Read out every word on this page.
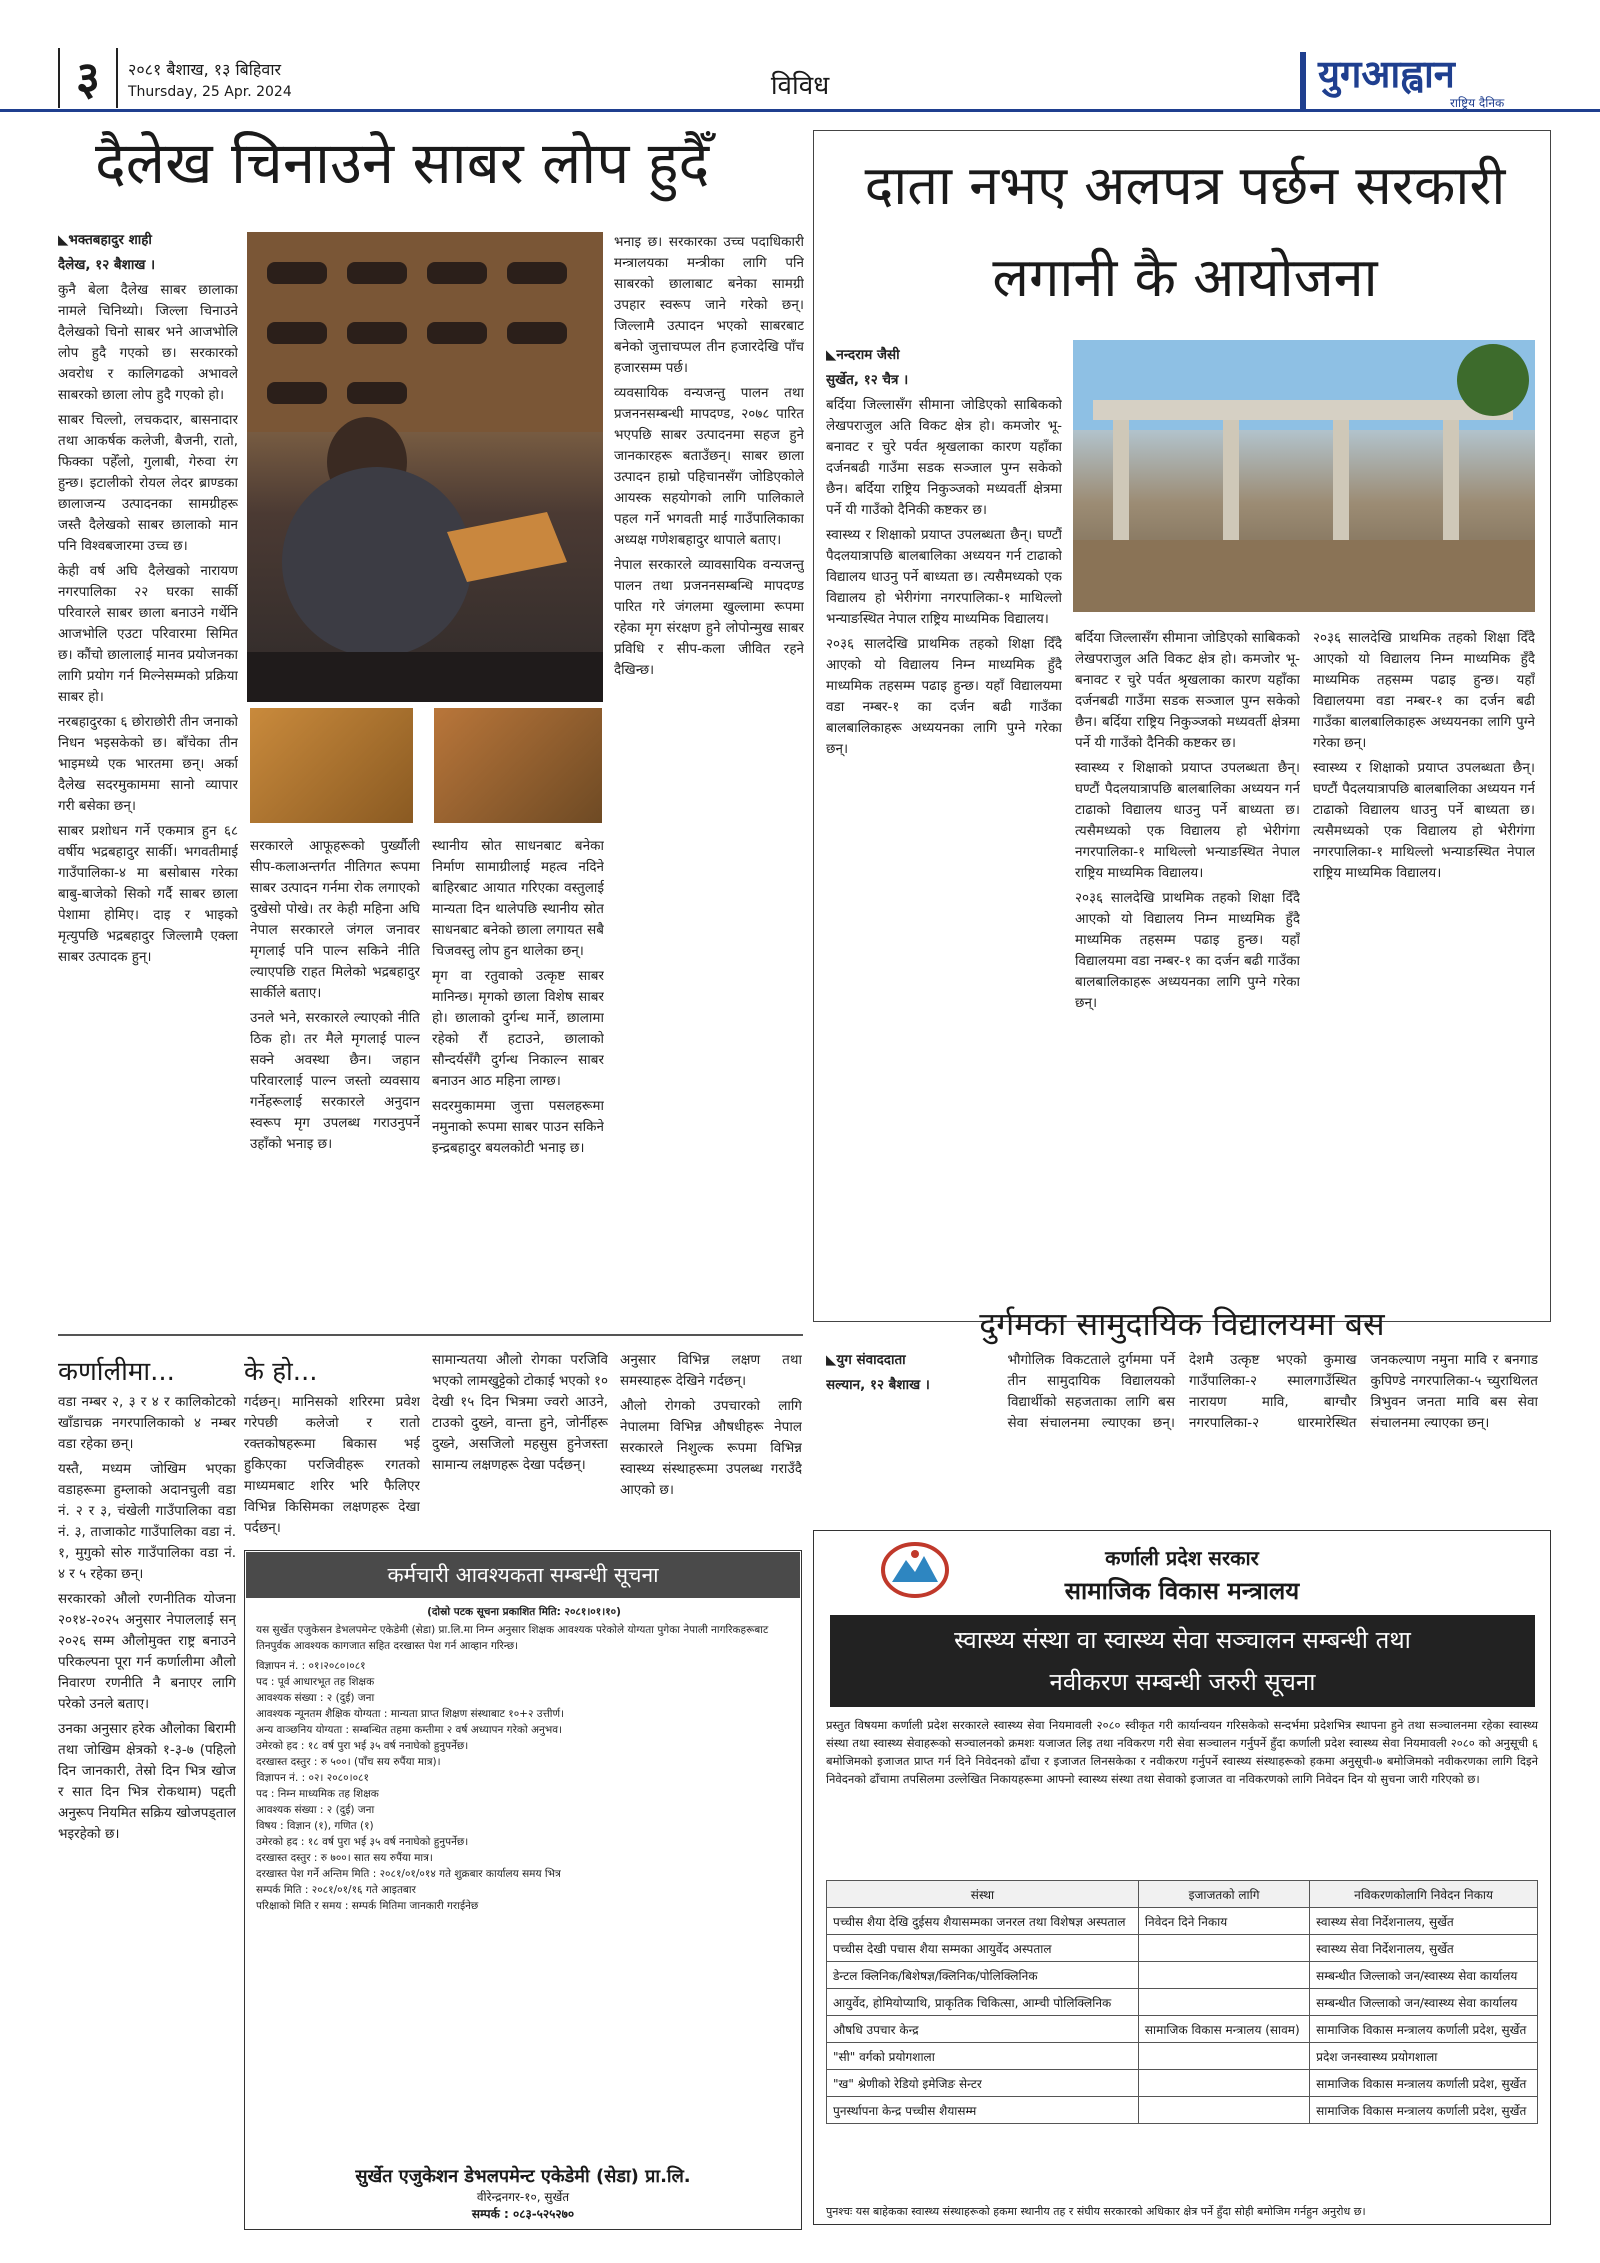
३	२०८१ बैशाख, १३ बिहिवार
Thursday, 25 Apr. 2024	विविध	युगआह्वान
राष्ट्रिय दैनिक
दैलेख चिनाउने साबर लोप हुदैँ

◣भक्तबहादुर शाही

दैलेख, १२ बैशाख ।

कुनै बेला दैलेख साबर छालाका नामले चिनिथ्यो। जिल्ला चिनाउने दैलेखको चिनो साबर भने आजभोलि लोप हुदै गएको छ। सरकारको अवरोध र कालिगढको अभावले साबरको छाला लोप हुदै गएको हो।

साबर चिल्लो, लचकदार, बासनादार तथा आकर्षक कलेजी, बैजनी, रातो, फिक्का पहेँलो, गुलाबी, गेरुवा रंग हुन्छ। इटालीको रोयल लेदर ब्राण्डका छालाजन्य उत्पादनका सामग्रीहरू जस्तै दैलेखको साबर छालाको मान पनि विश्वबजारमा उच्च छ।

केही वर्ष अघि दैलेखको नारायण नगरपालिका २२ घरका सार्की परिवारले साबर छाला बनाउने गर्थेनि आजभोलि एउटा परिवारमा सिमित छ। कौंचो छालालाई मानव प्रयोजनका लागि प्रयोग गर्न मिल्नेसम्मको प्रक्रिया साबर हो।

नरबहादुरका ६ छोराछोरी तीन जनाको निधन भइसकेको छ। बाँचेका तीन भाइमध्ये एक भारतमा छन्। अर्का दैलेख सदरमुकाममा सानो व्यापार गरी बसेका छन्।

साबर प्रशोधन गर्ने एकमात्र हुन ६८ वर्षीय भद्रबहादुर सार्की। भगवतीमाई गाउँपालिका-४ मा बसोबास गरेका बाबु-बाजेको सिको गर्दै साबर छाला पेशामा होमिए। दाइ र भाइको मृत्युपछि भद्रबहादुर जिल्लामै एक्ला साबर उत्पादक हुन्।

सरकारले आफूहरूको पुर्ख्यौली सीप-कलाअन्तर्गत नीतिगत रूपमा साबर उत्पादन गर्नमा रोक लगाएको दुखेसो पोखे। तर केही महिना अघि नेपाल सरकारले जंगल जनावर मृगलाई पनि पाल्न सकिने नीति ल्याएपछि राहत मिलेको भद्रबहादुर सार्कीले बताए।

उनले भने, सरकारले ल्याएको नीति ठिक हो। तर मैले मृगलाई पाल्न सक्ने अवस्था छैन। जहान परिवारलाई पाल्न जस्तो व्यवसाय गर्नेहरूलाई सरकारले अनुदान स्वरूप मृग उपलब्ध गराउनुपर्ने उहाँको भनाइ छ।

स्थानीय स्रोत साधनबाट बनेका निर्माण सामाग्रीलाई महत्व नदिने बाहिरबाट आयात गरिएका वस्तुलाई मान्यता दिन थालेपछि स्थानीय स्रोत साधनबाट बनेको छाला लगायत सबै चिजवस्तु लोप हुन थालेका छन्।

मृग वा रतुवाको उत्कृष्ट साबर मानिन्छ। मृगको छाला विशेष साबर हो। छालाको दुर्गन्ध मार्ने, छालामा रहेको रौं हटाउने, छालाको सौन्दर्यसँगै दुर्गन्ध निकाल्न साबर बनाउन आठ महिना लाग्छ।

सदरमुकाममा जुत्ता पसलहरूमा नमुनाको रूपमा साबर पाउन सकिने इन्द्रबहादुर बयलकोटी भनाइ छ।

भनाइ छ। सरकारका उच्च पदाधिकारी मन्त्रालयका मन्त्रीका लागि पनि साबरको छालाबाट बनेका सामग्री उपहार स्वरूप जाने गरेको छन्। जिल्लामै उत्पादन भएको साबरबाट बनेको जुत्ताचप्पल तीन हजारदेखि पाँच हजारसम्म पर्छ।

व्यवसायिक वन्यजन्तु पालन तथा प्रजननसम्बन्धी मापदण्ड, २०७८ पारित भएपछि साबर उत्पादनमा सहज हुने जानकारहरू बताउँछन्। साबर छाला उत्पादन हाम्रो पहिचानसँग जोडिएकोले आयस्क सहयोगको लागि पालिकाले पहल गर्ने भगवती माई गाउँपालिकाका अध्यक्ष गणेशबहादुर थापाले बताए।

नेपाल सरकारले व्यावसायिक वन्यजन्तु पालन तथा प्रजननसम्बन्धि मापदण्ड पारित गरे जंगलमा खुल्लामा रूपमा रहेका मृग संरक्षण हुने लोपोन्मुख साबर प्रविधि र सीप-कला जीवित रहने दैखिन्छ।

दाता नभए अलपत्र पर्छन सरकारी लगानी कै आयोजना

◣नन्दराम जैसी

सुर्खेत, १२ चैत्र ।

बर्दिया जिल्लासँग सीमाना जोडिएको साबिकको लेखपराजुल अति विकट क्षेत्र हो। कमजोर भू-बनावट र चुरे पर्वत श्रृखलाका कारण यहाँका दर्जनबढी गाउँमा सडक सञ्जाल पुग्न सकेको छैन। बर्दिया राष्ट्रिय निकुञ्जको मध्यवर्ती क्षेत्रमा पर्ने यी गाउँको दैनिकी कष्टकर छ।

स्वास्थ्य र शिक्षाको प्रयाप्त उपलब्धता छैन्। घण्टौं पैदलयात्रापछि बालबालिका अध्ययन गर्न टाढाको विद्यालय धाउनु पर्ने बाध्यता छ। त्यसैमध्यको एक विद्यालय हो भेरीगंगा नगरपालिका-१ माथिल्लो भन्याङस्थित नेपाल राष्ट्रिय माध्यमिक विद्यालय।

२०३६ सालदेखि प्राथमिक तहको शिक्षा दिँदै आएको यो विद्यालय निम्न माध्यमिक हुँदै माध्यमिक तहसम्म पढाइ हुन्छ। यहाँ विद्यालयमा वडा नम्बर-१ का दर्जन बढी गाउँका बालबालिकाहरू अध्ययनका लागि पुग्ने गरेका छन्।

बर्दिया जिल्लासँग सीमाना जोडिएको साबिकको लेखपराजुल अति विकट क्षेत्र हो। कमजोर भू-बनावट र चुरे पर्वत श्रृखलाका कारण यहाँका दर्जनबढी गाउँमा सडक सञ्जाल पुग्न सकेको छैन। बर्दिया राष्ट्रिय निकुञ्जको मध्यवर्ती क्षेत्रमा पर्ने यी गाउँको दैनिकी कष्टकर छ।

स्वास्थ्य र शिक्षाको प्रयाप्त उपलब्धता छैन्। घण्टौं पैदलयात्रापछि बालबालिका अध्ययन गर्न टाढाको विद्यालय धाउनु पर्ने बाध्यता छ। त्यसैमध्यको एक विद्यालय हो भेरीगंगा नगरपालिका-१ माथिल्लो भन्याङस्थित नेपाल राष्ट्रिय माध्यमिक विद्यालय।

२०३६ सालदेखि प्राथमिक तहको शिक्षा दिँदै आएको यो विद्यालय निम्न माध्यमिक हुँदै माध्यमिक तहसम्म पढाइ हुन्छ। यहाँ विद्यालयमा वडा नम्बर-१ का दर्जन बढी गाउँका बालबालिकाहरू अध्ययनका लागि पुग्ने गरेका छन्।

२०३६ सालदेखि प्राथमिक तहको शिक्षा दिँदै आएको यो विद्यालय निम्न माध्यमिक हुँदै माध्यमिक तहसम्म पढाइ हुन्छ। यहाँ विद्यालयमा वडा नम्बर-१ का दर्जन बढी गाउँका बालबालिकाहरू अध्ययनका लागि पुग्ने गरेका छन्।

स्वास्थ्य र शिक्षाको प्रयाप्त उपलब्धता छैन्। घण्टौं पैदलयात्रापछि बालबालिका अध्ययन गर्न टाढाको विद्यालय धाउनु पर्ने बाध्यता छ। त्यसैमध्यको एक विद्यालय हो भेरीगंगा नगरपालिका-१ माथिल्लो भन्याङस्थित नेपाल राष्ट्रिय माध्यमिक विद्यालय।

दुर्गमका सामुदायिक विद्यालयमा बस

◣युग संवाददाता

सल्यान, १२ बैशाख ।

भौगोलिक विकटताले दुर्गममा पर्ने तीन सामुदायिक विद्यालयको विद्यार्थीको सहजताका लागि बस सेवा संचालनमा ल्याएका छन्। देशमै उत्कृष्ट भएको कुमाख गाउँपालिका-२ स्मालगाउँस्थित नारायण मावि, बाग्चौर नगरपालिका-२ धारमारेस्थित जनकल्याण नमुना मावि र बनगाड कुपिण्डे नगरपालिका-५ च्युराथिलत त्रिभुवन जनता मावि बस सेवा संचालनमा ल्याएका छन्।

कर्णालीमा...	के हो...

वडा नम्बर २, ३ र ४ र कालिकोटको खाँडाचक्र नगरपालिकाको ४ नम्बर वडा रहेका छन्।

यस्तै, मध्यम जोखिम भएका वडाहरूमा हुम्लाको अदानचुली वडा नं. २ र ३, चंखेली गाउँपालिका वडा नं. ३, ताजाकोट गाउँपालिका वडा नं. १, मुगुको सोरु गाउँपालिका वडा नं. ४ र ५ रहेका छन्।

सरकारको औलो रणनीतिक योजना २०१४-२०२५ अनुसार नेपाललाई सन् २०२६ सम्म औलोमुक्त राष्ट्र बनाउने परिकल्पना पूरा गर्न कर्णालीमा औलो निवारण रणनीति नै बनाएर लागि परेको उनले बताए।

उनका अनुसार हरेक औलोका बिरामी तथा जोखिम क्षेत्रको १-३-७ (पहिलो दिन जानकारी, तेस्रो दिन भित्र खोज र सात दिन भित्र रोकथाम) पद्दती अनुरूप नियमित सक्रिय खोजपड्ताल भइरहेको छ।

गर्दछन्। मानिसको शरिरमा प्रवेश गरेपछी कलेजो र रातो रक्तकोषहरूमा बिकास भई हुकिएका परजिवीहरू रगतको माध्यमबाट शरिर भरि फैलिएर विभिन्न किसिमका लक्षणहरू देखा पर्दछन्।

सामान्यतया औलो रोगका परजिवि भएको लामखुट्टेको टोकाई भएको १० देखी १५ दिन भित्रमा ज्वरो आउने, टाउको दुख्ने, वान्ता हुने, जोर्नीहरू दुख्ने, असजिलो महसुस हुनेजस्ता सामान्य लक्षणहरू देखा पर्दछन्।

अनुसार विभिन्न लक्षण तथा समस्याहरू देखिने गर्दछन्।

औलो रोगको उपचारको लागि नेपालमा विभिन्न औषधीहरू नेपाल सरकारले निशुल्क रूपमा विभिन्न स्वास्थ्य संस्थाहरूमा उपलब्ध गराउँदै आएको छ।

कर्मचारी आवश्यकता सम्बन्धी सूचना
(दोस्रो पटक सूचना प्रकाशित मिति: २०८१।०१।१०)
यस सुर्खेत एजुकेसन डेभलपमेन्ट एकेडेमी (सेडा) प्रा.लि.मा निम्न अनुसार शिक्षक आवश्यक परेकोले योग्यता पुगेका नेपाली नागरिकहरूबाट तिनपुर्वक आवश्यक कागजात सहित दरखास्त पेश गर्न आव्हान गरिन्छ।
विज्ञापन नं. : ०१।२०८०।०८१
पद : पूर्व आधारभूत तह शिक्षक
आवश्यक संख्या : २ (दुई) जना
आवश्यक न्यूनतम शैक्षिक योग्यता : मान्यता प्राप्त शिक्षण संस्थाबाट १०+२ उत्तीर्ण।
अन्य वाञ्छनिय योग्यता : सम्बन्धित तहमा कम्तीमा २ वर्ष अध्यापन गरेको अनुभव।
उमेरको हद : १८ वर्ष पुरा भई ३५ वर्ष ननाघेको हुनुपर्नेछ।
दरखास्त दस्तुर : रु ५००। (पाँच सय रुपैंया मात्र)।
विज्ञापन नं. : ०२। २०८०।०८१
पद : निम्न माध्यमिक तह शिक्षक
आवश्यक संख्या : २ (दुई) जना
विषय : विज्ञान (१), गणित (१)
उमेरको हद : १८ वर्ष पुरा भई ३५ वर्ष ननाघेको हुनुपर्नेछ।
दरखास्त दस्तुर : रु ७००। सात सय रुपैंया मात्र।
दरखास्त पेश गर्ने अन्तिम मिति : २०८१/०१/०१४ गते शुक्रबार कार्यालय समय भित्र
सम्पर्क मिति : २०८१/०१/१६ गते आइतबार
परिक्षाको मिति र समय : सम्पर्क मितिमा जानकारी गराईनेछ
सुर्खेत एजुकेशन डेभलपमेन्ट एकेडेमी (सेडा) प्रा.लि.
वीरेन्द्रनगर-१०, सुर्खेत
सम्पर्क : ०८३-५२५२७०
कर्णाली प्रदेश सरकार
सामाजिक विकास मन्त्रालय
स्वास्थ्य संस्था वा स्वास्थ्य सेवा सञ्चालन सम्बन्धी तथा
नवीकरण सम्बन्धी जरुरी सूचना
प्रस्तुत विषयमा कर्णाली प्रदेश सरकारले स्वास्थ्य सेवा नियमावली २०८० स्वीकृत गरी कार्यान्वयन गरिसकेको सन्दर्भमा प्रदेशभित्र स्थापना हुने तथा सञ्चालनमा रहेका स्वास्थ्य संस्था तथा स्वास्थ्य सेवाहरूको सञ्चालनको क्रमशः यजाजत लिइ तथा नविकरण गरी सेवा सञ्चालन गर्नुपर्ने हुँदा कर्णाली प्रदेश स्वास्थ्य सेवा नियमावली २०८० को अनुसूची ६ बमोजिमको इजाजत प्राप्त गर्न दिने निवेदनको ढाँचा र इजाजत लिनसकेका र नवीकरण गर्नुपर्ने स्वास्थ्य संस्थाहरूको हकमा अनुसूची-७ बमोजिमको नवीकरणका लागि दिइने निवेदनको ढाँचामा तपसिलमा उल्लेखित निकायहरूमा आफ्नो स्वास्थ्य संस्था तथा सेवाको इजाजत वा नविकरणको लागि निवेदन दिन यो सुचना जारी गरिएको छ।
संस्था	इजाजतको लागि	नविकरणकोलागि निवेदन निकाय
पच्चीस शैया देखि दुईसय शैयासम्मका जनरल तथा विशेषज्ञ अस्पताल	निवेदन दिने निकाय	स्वास्थ्य सेवा निर्देशनालय, सुर्खेत
पच्चीस देखी पचास शैया सम्मका आयुर्वेद अस्पताल		स्वास्थ्य सेवा निर्देशनालय, सुर्खेत
डेन्टल क्लिनिक/बिशेषज्ञ/क्लिनिक/पोलिक्लिनिक		सम्बन्धीत जिल्लाको जन/स्वास्थ्य सेवा कार्यालय
आयुर्वेद, होमियोप्याथि, प्राकृतिक चिकित्सा, आम्ची पोलिक्लिनिक		सम्बन्धीत जिल्लाको जन/स्वास्थ्य सेवा कार्यालय
औषधि उपचार केन्द्र	सामाजिक विकास मन्त्रालय (सावम)	सामाजिक विकास मन्त्रालय कर्णाली प्रदेश, सुर्खेत
"सी" वर्गको प्रयोगशाला		प्रदेश जनस्वास्थ्य प्रयोगशाला
"ख" श्रेणीको रेडियो इमेजिङ सेन्टर		सामाजिक विकास मन्त्रालय कर्णाली प्रदेश, सुर्खेत
पुनर्स्थापना केन्द्र पच्चीस शैयासम्म		सामाजिक विकास मन्त्रालय कर्णाली प्रदेश, सुर्खेत
पुनश्चः यस बाहेकका स्वास्थ्य संस्थाहरूको हकमा स्थानीय तह र संघीय सरकारको अधिकार क्षेत्र पर्ने हुँदा सोही बमोजिम गर्नहुन अनुरोध छ।
